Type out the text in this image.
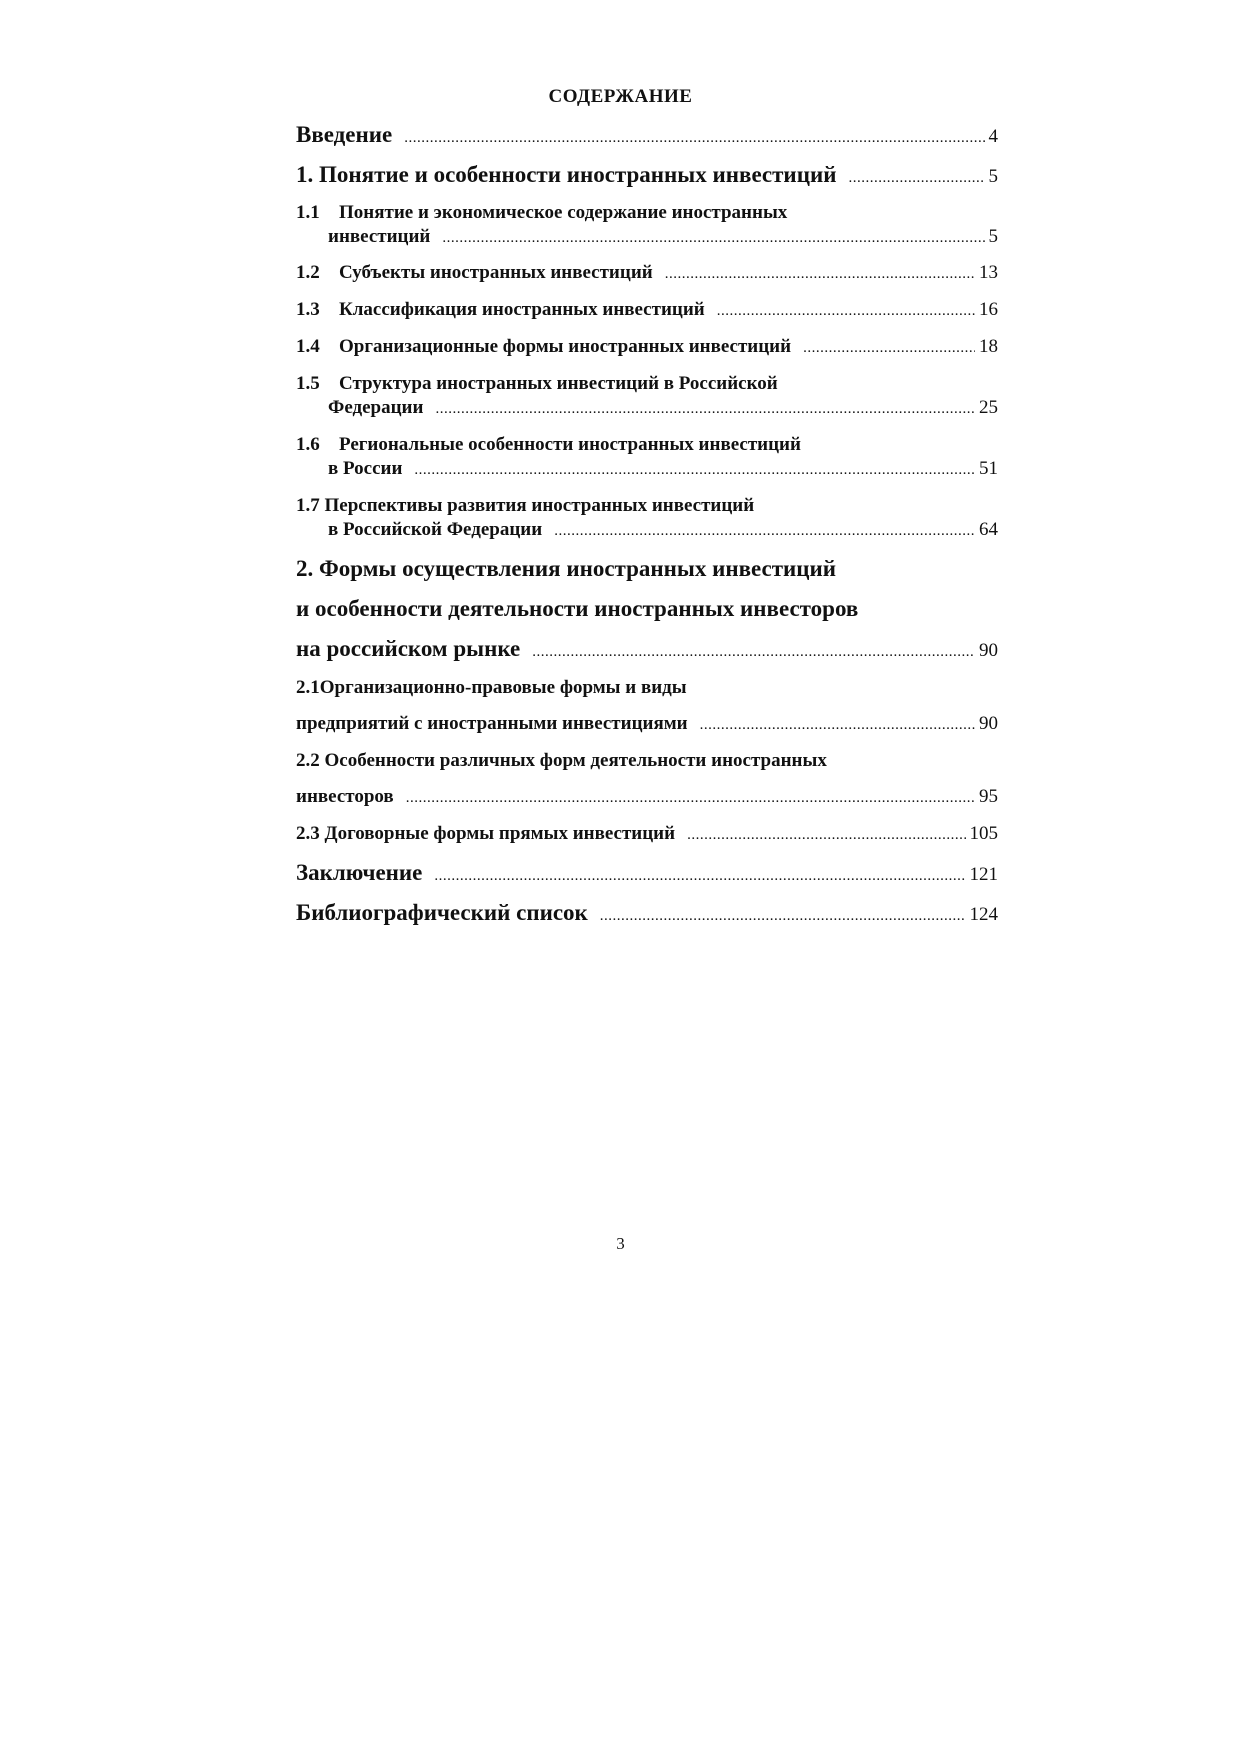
СОДЕРЖАНИЕ
Введение .....	4
1. Понятие и особенности иностранных инвестиций .....	5
1.1 Понятие и экономическое содержание иностранных
инвестиций .....	5
1.2	Субъекты иностранных инвестиций .....	13
1.3	Классификация иностранных инвестиций .....	16
1.4	Организационные формы иностранных инвестиций .....	18
1.5 Структура иностранных инвестиций в Российской
Федерации .....	25
1.6 Региональные особенности иностранных инвестиций
в России .....	51
1.7 Перспективы развития иностранных инвестиций
в Российской Федерации .....	64
2. Формы осуществления иностранных инвестиций
и особенности деятельности иностранных инвесторов
на российском рынке .....	90
2.1Организационно-правовые формы и виды
предприятий с иностранными инвестициями .....	90
2.2 Особенности различных форм деятельности иностранных
инвесторов .....	95
2.3 Договорные формы прямых инвестиций .....	105
Заключение .....	121
Библиографический список .....	124
3
